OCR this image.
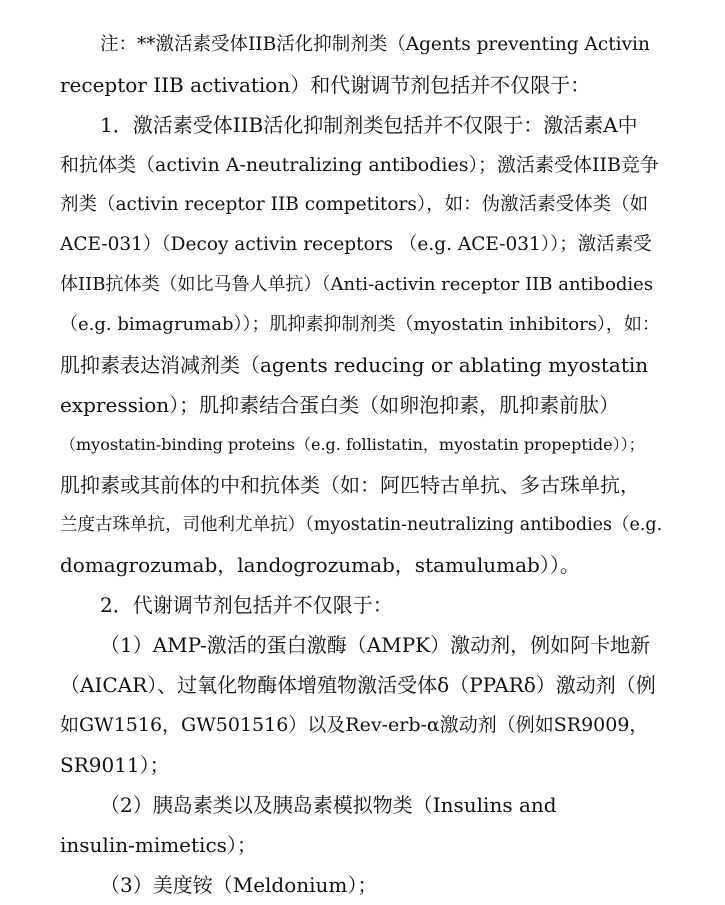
注：**激活素受体IIB活化抑制剂类（Agents preventing Activin

receptor IIB activation）和代谢调节剂包括并不仅限于：

1．激活素受体IIB活化抑制剂类包括并不仅限于：激活素A中

和抗体类（activin A-neutralizing antibodies）；激活素受体IIB竞争

剂类（activin receptor IIB competitors），如：伪激活素受体类（如

ACE-031）（Decoy activin receptors （e.g. ACE-031））；激活素受

体IIB抗体类（如比马鲁人单抗）（Anti-activin receptor IIB antibodies

（e.g. bimagrumab））；肌抑素抑制剂类（myostatin inhibitors），如：

肌抑素表达消减剂类（agents reducing or ablating myostatin

expression）；肌抑素结合蛋白类（如卵泡抑素，肌抑素前肽）

（myostatin-binding proteins（e.g. follistatin，myostatin propeptide））；

肌抑素或其前体的中和抗体类（如：阿匹特古单抗、多古珠单抗，

兰度古珠单抗，司他利尤单抗）（myostatin-neutralizing antibodies（e.g.

domagrozumab，landogrozumab，stamulumab））。

2．代谢调节剂包括并不仅限于：

（1）AMP-激活的蛋白激酶（AMPK）激动剂，例如阿卡地新

（AICAR）、过氧化物酶体增殖物激活受体δ（PPARδ）激动剂（例

如GW1516，GW501516）以及Rev-erb-α激动剂（例如SR9009，

SR9011）；

（2）胰岛素类以及胰岛素模拟物类（Insulins and

insulin-mimetics）；

（3）美度铵（Meldonium）；
